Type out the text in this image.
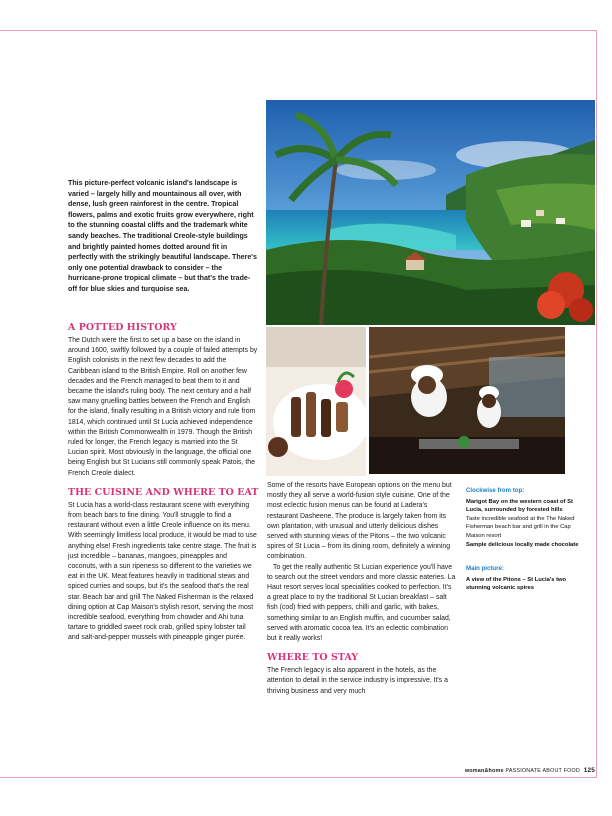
This picture-perfect volcanic island's landscape is varied – largely hilly and mountainous all over, with dense, lush green rainforest in the centre. Tropical flowers, palms and exotic fruits grow everywhere, right to the stunning coastal cliffs and the trademark white sandy beaches. The traditional Creole-style buildings and brightly painted homes dotted around fit in perfectly with the strikingly beautiful landscape. There's only one potential drawback to consider – the hurricane-prone tropical climate – but that's the trade-off for blue skies and turquoise sea.

A POTTED HISTORY

The Dutch were the first to set up a base on the island in around 1600, swiftly followed by a couple of failed attempts by English colonists in the next few decades to add the Caribbean island to the British Empire. Roll on another few decades and the French managed to beat them to it and became the island's ruling body. The next century and a half saw many gruelling battles between the French and English for the island, finally resulting in a British victory and rule from 1814, which continued until St Lucia achieved independence within the British Commonwealth in 1979. Though the British ruled for longer, the French legacy is married into the St Lucian spirit. Most obviously in the language, the official one being English but St Lucians still commonly speak Patois, the French Creole dialect.

THE CUISINE AND WHERE TO EAT

St Lucia has a world-class restaurant scene with everything from beach bars to fine dining. You'll struggle to find a restaurant without even a little Creole influence on its menu. With seemingly limitless local produce, it would be mad to use anything else! Fresh ingredients take centre stage. The fruit is just incredible – bananas, mangoes, pineapples and coconuts, with a sun ripeness so different to the varieties we eat in the UK. Meat features heavily in traditional stews and spiced curries and soups, but it's the seafood that's the real star. Beach bar and grill The Naked Fisherman is the relaxed dining option at Cap Maison's stylish resort, serving the most incredible seafood, everything from chowder and Ahi tuna tartare to griddled sweet rock crab, grilled spiny lobster tail and salt-and-pepper mussels with pineapple ginger purée.

Some of the resorts have European options on the menu but mostly they all serve a world-fusion style cuisine. One of the most eclectic fusion menus can be found at Ladera's restaurant Dasheene. The produce is largely taken from its own plantation, with unusual and utterly delicious dishes served with stunning views of the Pitons – the two volcanic spires of St Lucia – from its dining room, definitely a winning combination.

To get the really authentic St Lucian experience you'll have to search out the street vendors and more classic eateries. La Haut resort serves local specialities cooked to perfection. It's a great place to try the traditional St Lucian breakfast – salt fish (cod) fried with peppers, chilli and garlic, with bakes, something similar to an English muffin, and cucumber salad, served with aromatic cocoa tea. It's an eclectic combination but it really works!

WHERE TO STAY

The French legacy is also apparent in the hotels, as the attention to detail in the service industry is impressive. It's a thriving business and very much

Clockwise from top:

Marigot Bay on the western coast of St Lucia, surrounded by forested hills

Taste incredible seafood at the The Naked Fisherman beach bar and grill in the Cap Maison resort

Sample delicious locally made chocolate

Main picture:

A view of the Pitons – St Lucia's two stunning volcanic spires

woman&home PASSIONATE ABOUT FOOD 125
